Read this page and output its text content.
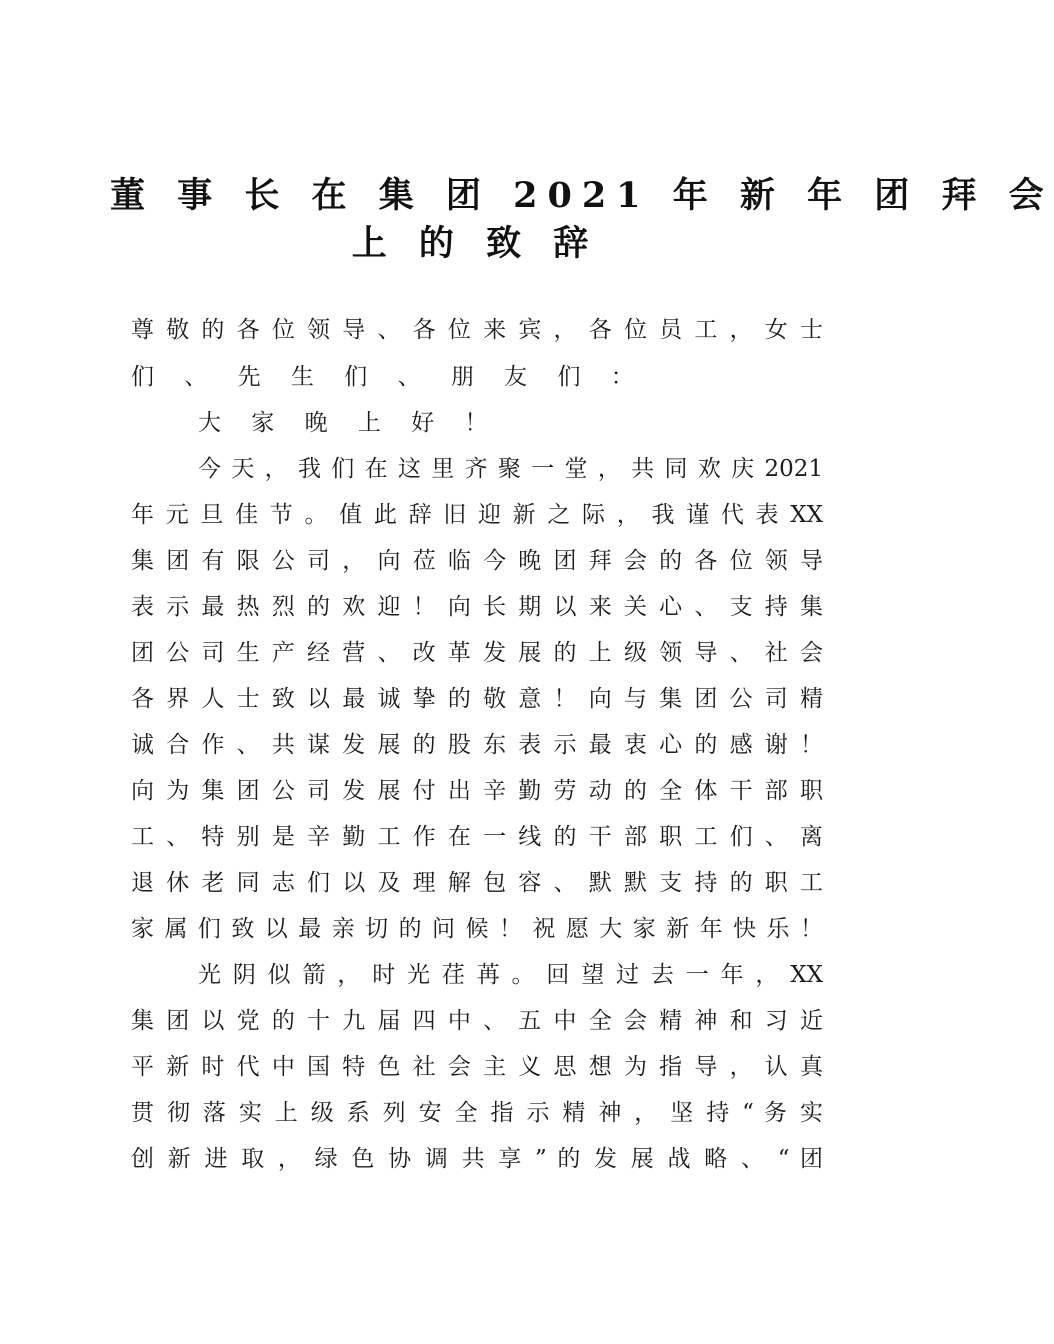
董 事 长 在 集 团 2021 年 新 年 团 拜 会
上 的 致 辞

尊 敬 的 各 位 领 导 、 各 位 来 宾 ， 各 位 员 工 ， 女 士

们 、 先 生 们 、 朋 友 们 ：

大 家 晚 上 好 ！

今 天 ， 我 们 在 这 里 齐 聚 一 堂 ， 共 同 欢 庆 2021

年 元 旦 佳 节 。 值 此 辞 旧 迎 新 之 际 ， 我 谨 代 表 XX

集 团 有 限 公 司 ， 向 莅 临 今 晚 团 拜 会 的 各 位 领 导

表 示 最 热 烈 的 欢 迎 ！ 向 长 期 以 来 关 心 、 支 持 集

团 公 司 生 产 经 营 、 改 革 发 展 的 上 级 领 导 、 社 会

各 界 人 士 致 以 最 诚 挚 的 敬 意 ！ 向 与 集 团 公 司 精

诚 合 作 、 共 谋 发 展 的 股 东 表 示 最 衷 心 的 感 谢 ！

向 为 集 团 公 司 发 展 付 出 辛 勤 劳 动 的 全 体 干 部 职

工 、 特 别 是 辛 勤 工 作 在 一 线 的 干 部 职 工 们 、 离

退 休 老 同 志 们 以 及 理 解 包 容 、 默 默 支 持 的 职 工

家 属 们 致 以 最 亲 切 的 问 候 ！ 祝 愿 大 家 新 年 快 乐 ！

光 阴 似 箭 ， 时 光 荏 苒 。 回 望 过 去 一 年 ， XX

集 团 以 党 的 十 九 届 四 中 、 五 中 全 会 精 神 和 习 近

平 新 时 代 中 国 特 色 社 会 主 义 思 想 为 指 导 ， 认 真

贯 彻 落 实 上 级 系 列 安 全 指 示 精 神 ， 坚 持 “ 务 实

创 新 进 取 ， 绿 色 协 调 共 享 ” 的 发 展 战 略 、 “ 团
